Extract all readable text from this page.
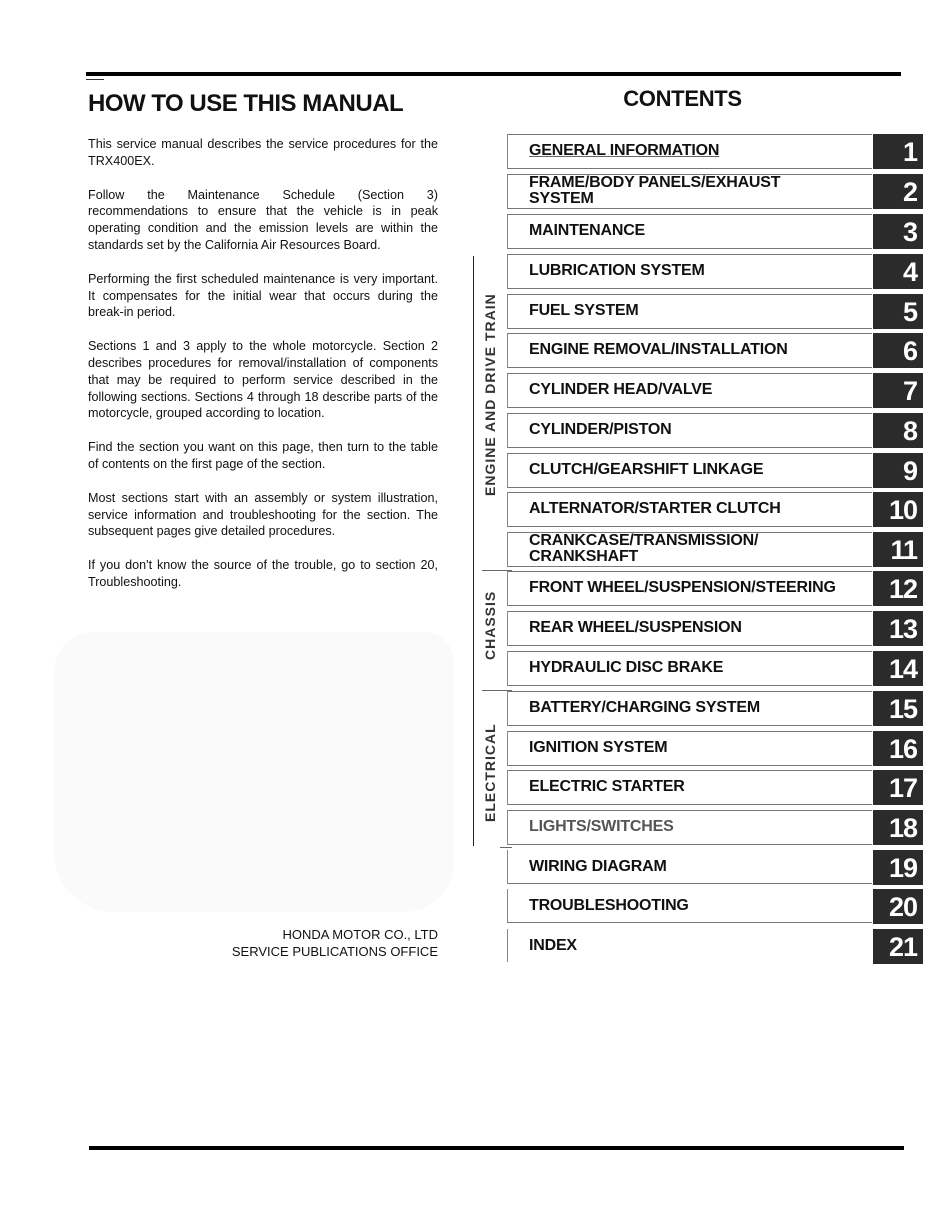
HOW TO USE THIS MANUAL

This service manual describes the service procedures for the TRX400EX.

Follow the Maintenance Schedule (Section 3) recommendations to ensure that the vehicle is in peak operating condition and the emission levels are within the standards set by the California Air Resources Board.

Performing the first scheduled maintenance is very important. It compensates for the initial wear that occurs during the break-in period.

Sections 1 and 3 apply to the whole motorcycle. Section 2 describes procedures for removal/installation of components that may be required to perform service described in the following sections. Sections 4 through 18 describe parts of the motorcycle, grouped according to location.

Find the section you want on this page, then turn to the table of contents on the first page of the section.

Most sections start with an assembly or system illustration, service information and troubleshooting for the section. The subsequent pages give detailed procedures.

If you don't know the source of the trouble, go to section 20, Troubleshooting.

HONDA MOTOR CO., LTD
SERVICE PUBLICATIONS OFFICE
CONTENTS
ENGINE AND DRIVE TRAIN
CHASSIS
ELECTRICAL
GENERAL INFORMATION	1
FRAME/BODY PANELS/EXHAUST
SYSTEM	2
MAINTENANCE	3
LUBRICATION SYSTEM	4
FUEL SYSTEM	5
ENGINE REMOVAL/INSTALLATION	6
CYLINDER HEAD/VALVE	7
CYLINDER/PISTON	8
CLUTCH/GEARSHIFT LINKAGE	9
ALTERNATOR/STARTER CLUTCH	10
CRANKCASE/TRANSMISSION/
CRANKSHAFT	11
FRONT WHEEL/SUSPENSION/STEERING	12
REAR WHEEL/SUSPENSION	13
HYDRAULIC DISC BRAKE	14
BATTERY/CHARGING SYSTEM	15
IGNITION SYSTEM	16
ELECTRIC STARTER	17
LIGHTS/SWITCHES	18
WIRING DIAGRAM	19
TROUBLESHOOTING	20
INDEX	21
